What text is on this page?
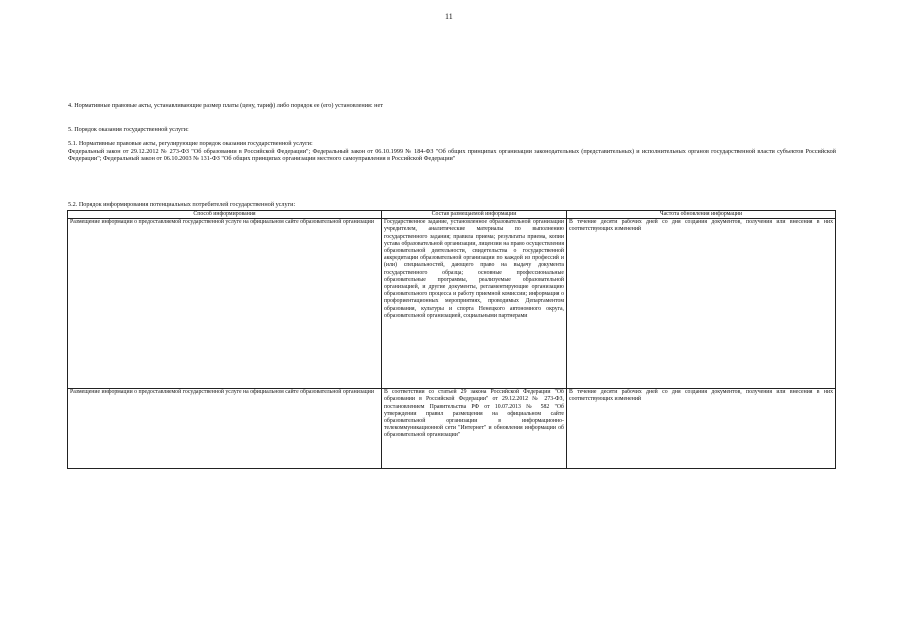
11
4. Нормативные правовые акты, устанавливающие размер платы (цену, тариф) либо порядок ее (его) установления: нет
5. Порядок оказания государственной услуги:
5.1. Нормативные правовые акты, регулирующие порядок оказания государственной услуги:
Федеральный закон от 29.12.2012 № 273-ФЗ "Об образовании в Российской Федерации"; Федеральный закон от 06.10.1999 № 184-ФЗ "Об общих принципах организации законодательных (представительных) и исполнительных органов государственной власти субъектов Российской Федерации"; Федеральный закон от 06.10.2003 № 131-ФЗ "Об общих принципах организации местного самоуправления в Российской Федерации"
5.2. Порядок информирования потенциальных потребителей государственной услуги:
Способ информирования	Состав размещаемой информации	Частота обновления информации
Размещение информации о предоставляемой государственной услуге на официальном сайте образовательной организации	Государственное задание, установленное образовательной организации учредителем, аналитические материалы по выполнению государственного задания; правила приема; результаты приема, копии устава образовательной организации, лицензии на право осуществления образовательной деятельности, свидетельства о государственной аккредитации образовательной организации по каждой из профессий и (или) специальностей, дающего право на выдачу документа государственного образца; основные профессиональные образовательные программы, реализуемые образовательной организацией, и другие документы, регламентирующие организацию образовательного процесса и работу приемной комиссии; информация о профориентационных мероприятиях, проводимых Департаментом образования, культуры и спорта Ненецкого автономного округа, образовательной организацией, социальными партнерами	В течение десяти рабочих дней со дня создания документов, получения или внесения в них соответствующих изменений
Размещение информации о предоставляемой государственной услуге на официальном сайте образовательной организации	В соответствии со статьей 29 закона Российской Федерации "Об образовании в Российской Федерации" от 29.12.2012 № 273-ФЗ, постановлением Правительства РФ от 10.07.2013 № 582 "Об утверждении правил размещения на официальном сайте образовательной организации в информационно-телекоммуникационной сети "Интернет" и обновления информации об образовательной организации"	В течение десяти рабочих дней со дня создания документов, получения или внесения в них соответствующих изменений
